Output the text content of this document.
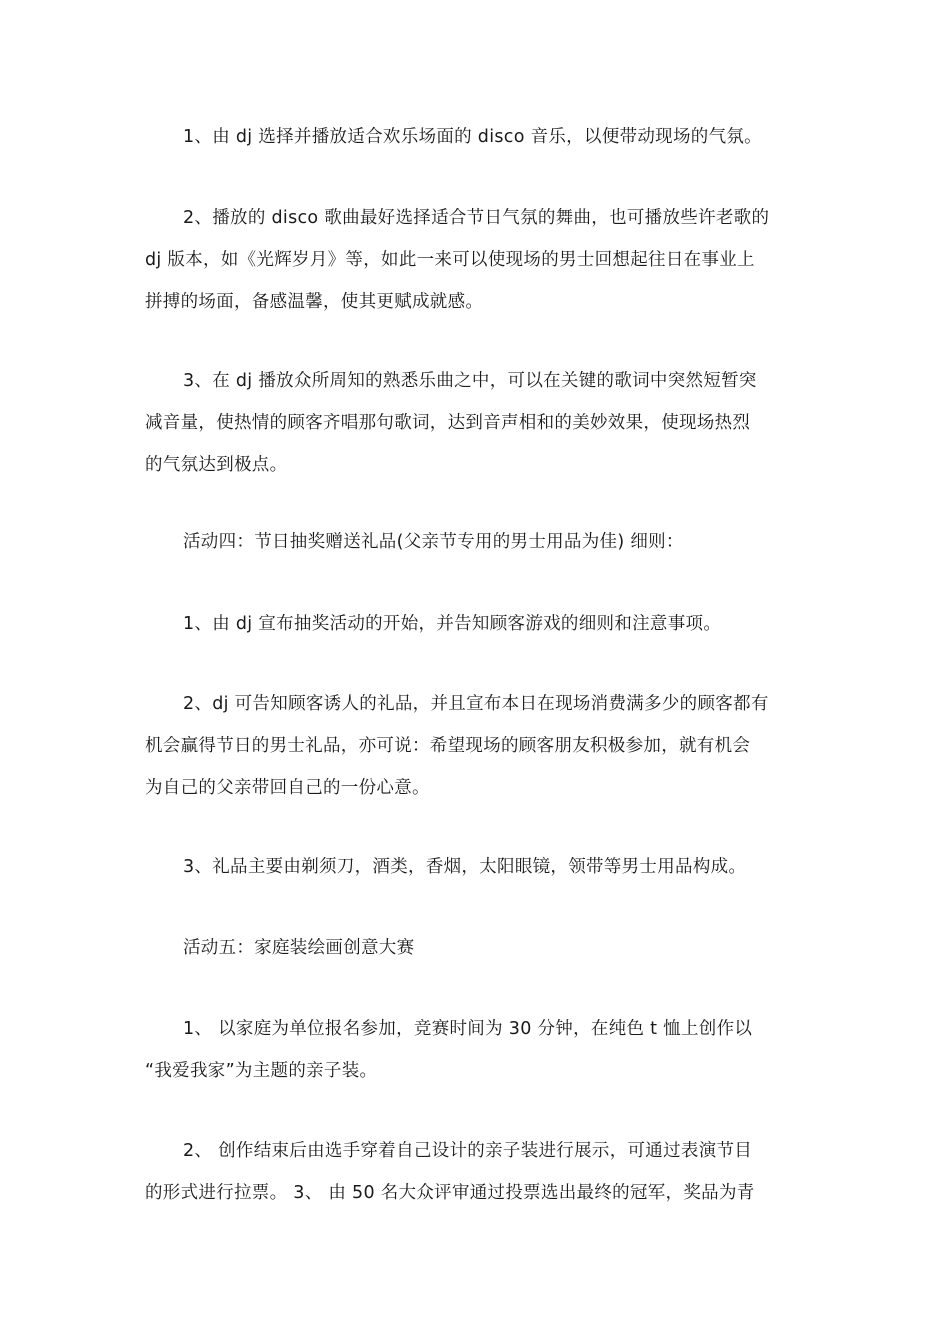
1、由 dj 选择并播放适合欢乐场面的 disco 音乐，以便带动现场的气氛。
2、播放的 disco 歌曲最好选择适合节日气氛的舞曲，也可播放些许老歌的
dj 版本，如《光辉岁月》等，如此一来可以使现场的男士回想起往日在事业上
拼搏的场面，备感温馨，使其更赋成就感。
3、在 dj 播放众所周知的熟悉乐曲之中，可以在关键的歌词中突然短暂突
减音量，使热情的顾客齐唱那句歌词，达到音声相和的美妙效果，使现场热烈
的气氛达到极点。
活动四：节日抽奖赠送礼品(父亲节专用的男士用品为佳) 细则：
1、由 dj 宣布抽奖活动的开始，并告知顾客游戏的细则和注意事项。
2、dj 可告知顾客诱人的礼品，并且宣布本日在现场消费满多少的顾客都有
机会赢得节日的男士礼品，亦可说：希望现场的顾客朋友积极参加，就有机会
为自己的父亲带回自己的一份心意。
3、礼品主要由剃须刀，酒类，香烟，太阳眼镜，领带等男士用品构成。
活动五：家庭装绘画创意大赛
1、 以家庭为单位报名参加，竞赛时间为 30 分钟，在纯色 t 恤上创作以
“我爱我家”为主题的亲子装。
2、 创作结束后由选手穿着自己设计的亲子装进行展示，可通过表演节目
的形式进行拉票。 3、 由 50 名大众评审通过投票选出最终的冠军，奖品为青
